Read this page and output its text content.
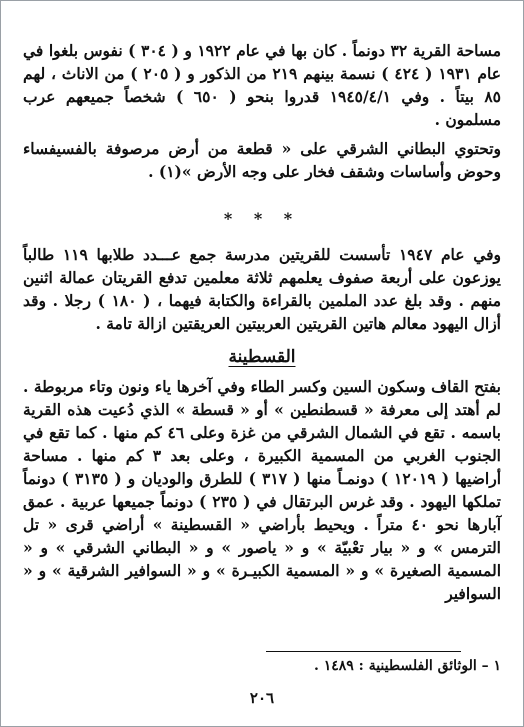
مساحة القرية ٣٢ دونماً . كان بها في عام ١٩٢٢ و ( ٣٠٤ ) نفوس بلغوا في عام ١٩٣١ ( ٤٢٤ ) نسمة بينهم ٢١٩ من الذكور و ( ٢٠٥ ) من الاناث ، لهم ٨٥ بيتاً . وفي ١٩٤٥/٤/١ قدروا بنحو ( ٦٥٠ ) شخصاً جميعهم عرب مسلمون .

وتحتوي البطاني الشرقي على « قطعة من أرض مرصوفة بالفسيفساء وحوض وأساسات وشقف فخار على وجه الأرض »(١) .

* * *

وفي عام ١٩٤٧ تأسست للقريتين مدرسة جمع عـــدد طلابها ١١٩ طالباً يوزعون على أربعة صفوف يعلمهم ثلاثة معلمين تدفع القريتان عمالة اثنين منهم . وقد بلغ عدد الملمين بالقراءة والكتابة فيهما ، ( ١٨٠ ) رجلا . وقد أزال اليهود معالم هاتين القريتين العربيتين العريقتين ازالة تامة .

القسطينة

بفتح القاف وسكون السين وكسر الطاء وفي آخرها ياء ونون وتاء مربوطة . لم أهتد إلى معرفة « قسطنطين » أو « قسطة » الذي دُعيت هذه القرية باسمه . تقع في الشمال الشرقي من غزة وعلى ٤٦ كم منها . كما تقع في الجنوب الغربي من المسمية الكبيرة ، وعلى بعد ٣ كم منها . مساحة أراضيها ( ١٢٠١٩ ) دونمـاً منها ( ٣١٧ ) للطرق والوديان و ( ٣١٣٥ ) دونماً تملكها اليهود . وقد غرس البرتقال في ( ٢٣٥ ) دونماً جميعها عربية . عمق آبارها نحو ٤٠ متراً . ويحيط بأراضي « القسطينة » أراضي قرى « تل الترمس » و « بيار تعْبيّة » و « ياصور » و « البطاني الشرقي » و « المسمية الصغيرة » و « المسمية الكبيـرة » و « السوافير الشرقية » و « السوافير

١ – الوثائق الفلسطينية : ١٤٨٩ .
٢٠٦
